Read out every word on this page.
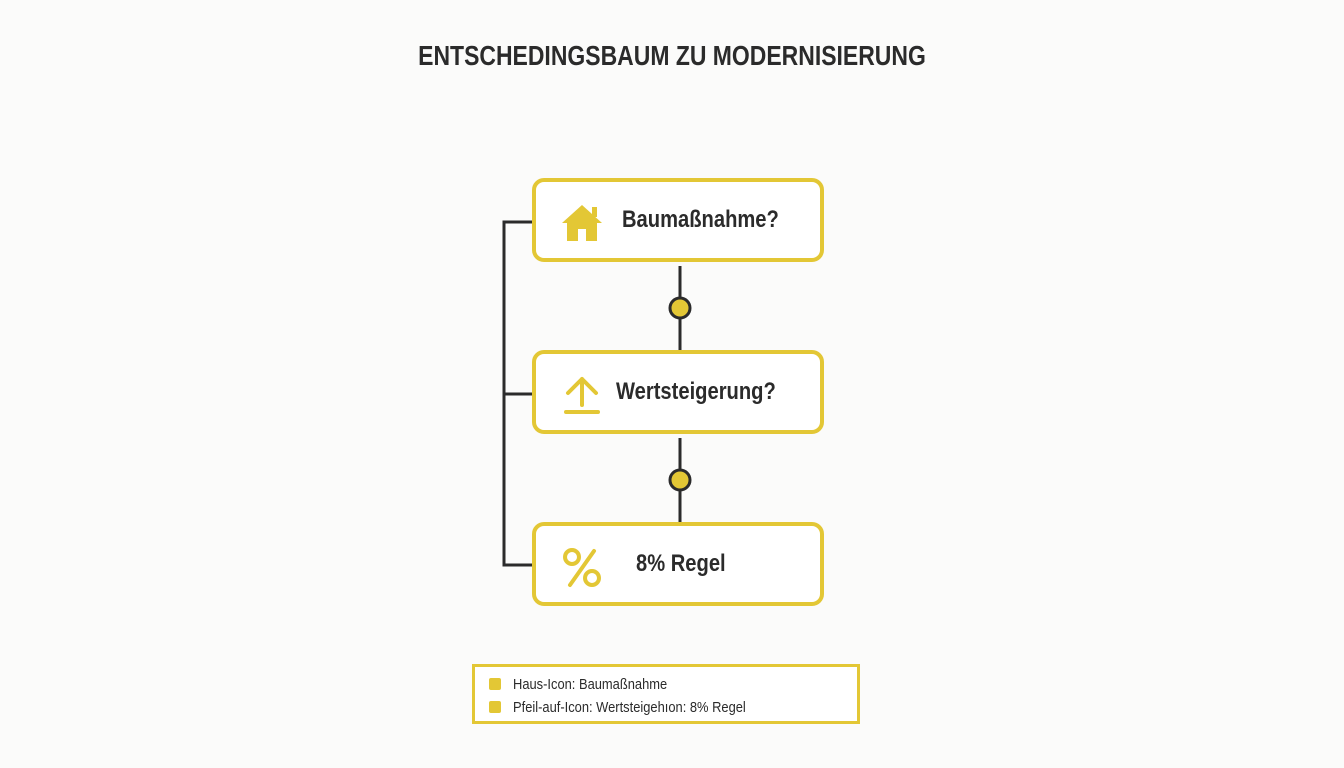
ENTSCHEDINGSBAUM ZU MODERNISIERUNG
Baumaßnahme?
Wertsteigerung?
8% Regel
Haus-Icon: Baumaßnahme
Pfeil-auf-Icon: Wertsteigehıon: 8% Regel
